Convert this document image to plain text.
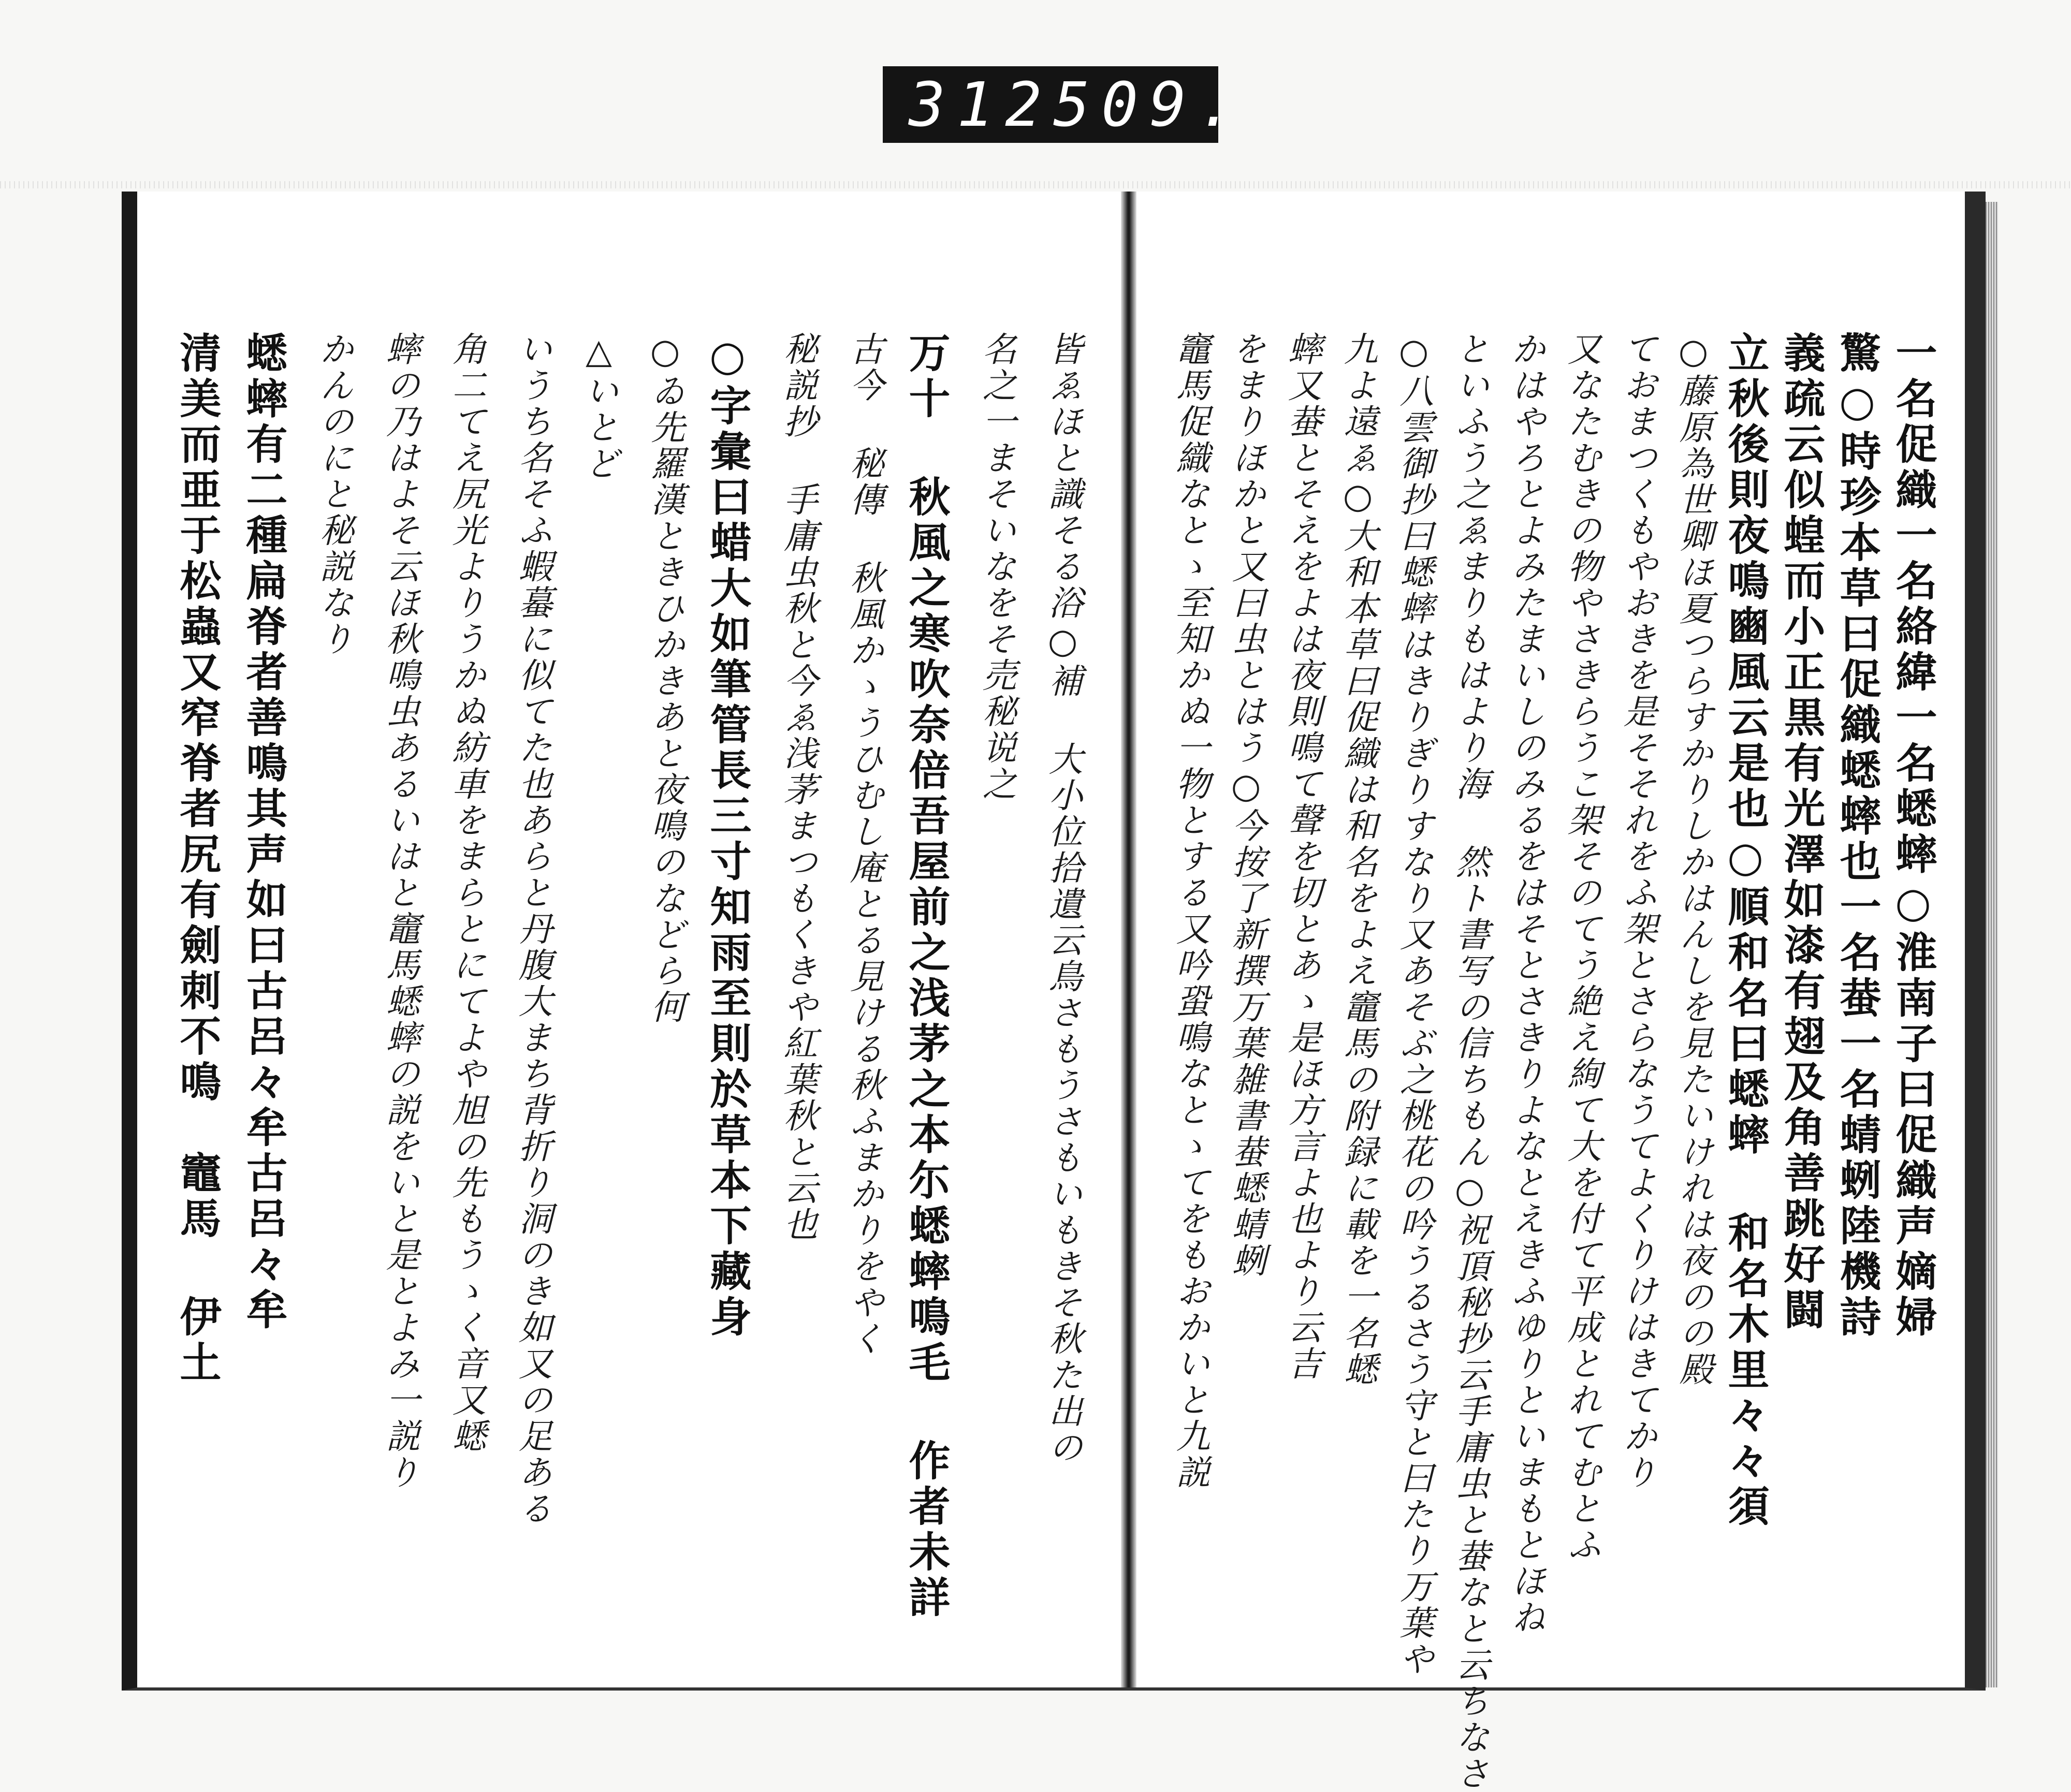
312 509.
皆ゑほと識そる浴○補 大小位拾遺云鳥さもうさもいもきそ秋た出の
名之一まそいなをそ売秘说之
万十 秋風之寒吹奈倍吾屋前之浅茅之本尓蟋蟀鳴毛 作者未詳
古今 秘傳 秋風かゝうひむし庵とる見ける秋ふまかりをやく
秘説抄 手庸虫秋と今ゑ浅茅まつもくきや紅葉秋と云也
○字彙曰蜡大如筆管長三寸知雨至則於草本下藏身
○ゐ先羅漢ときひかきあと夜鳴のなどら何
△いとど
いうち名そふ蝦蟇に似てた也あらと丹腹大まち背折り洞のき如又の足ある
角二てえ尻光よりうかぬ紡車をまらとにてよや旭の先もうゝく音又蟋
蟀の乃はよそ云ほ秋鳴虫あるいはと竈馬蟋蟀の説をいと是とよみ一説り
かんのにと秘説なり
蟋蟀有二種扁脊者善鳴其声如曰古呂々牟古呂々牟
清美而亜于松蟲又窄脊者尻有劍刺不鳴　竈馬 伊土	一名促織一名絡緯一名蟋蟀○淮南子曰促織声嫡婦
驚○時珍本草曰促織蟋蟀也一名蛬一名蜻蛚陸機詩
義疏云似蝗而小正黒有光澤如漆有翅及角善跳好闘
立秋後則夜鳴豳風云是也○順和名曰蟋蟀 和名木里々々須
○藤原為世卿ほ夏つらすかりしかはんしを見たいけれは夜のの殿
ておまつくもやおきを是そそれをふ架とさらなうてよくりけはきてかり
又なたむきの物やさきらうこ架そのてう絶え絢て大を付て平成とれてむとふ
かはやろとよみたまいしのみるをはそとさきりよなとえきふゆりといまもとほね
といふう之ゑまりもはより海 然ト書写の信ちもん○祝頂秘抄云手庸虫と蛬なと云ちなさ
○八雲御抄曰蟋蟀はきりぎりすなり又あそぶ之桃花の吟うるさう守と曰たり万葉や
九よ遠ゑ○大和本草曰促織は和名をよえ竈馬の附録に載を一名蟋
蟀又蛬とそえをよは夜則鳴て聲を切とあゝ是ほ方言よ也より云吉
をまりほかと又曰虫とはう○今按了新撰万葉雑書蛬蟋蜻蛚
竈馬促織なとゝ至知かぬ一物とする又吟蛩鳴なとゝてをもおかいと九説
